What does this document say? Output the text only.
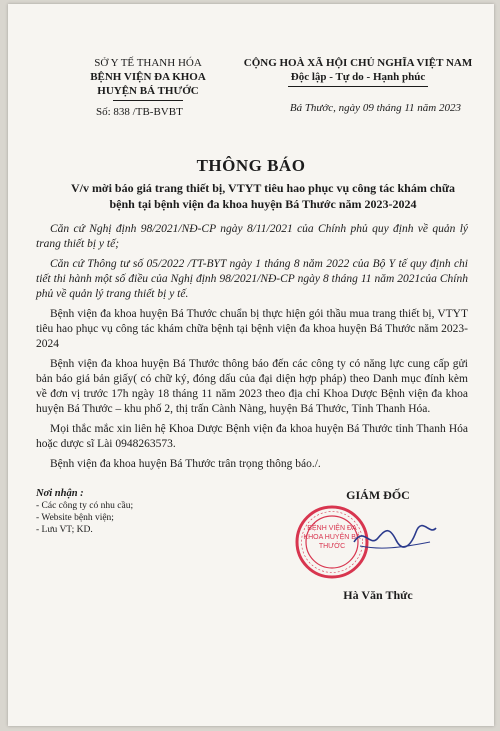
SỞ Y TẾ THANH HÓA
BỆNH VIỆN ĐA KHOA
HUYỆN BÁ THƯỚC
Số: 838 /TB-BVBT
CỘNG HOÀ XÃ HỘI CHỦ NGHĨA VIỆT NAM
Độc lập - Tự do - Hạnh phúc
Bá Thước, ngày 09 tháng 11 năm 2023
THÔNG BÁO
V/v mời báo giá trang thiết bị, VTYT tiêu hao phục vụ công tác khám chữa
bệnh tại bệnh viện đa khoa huyện Bá Thước năm 2023-2024

Căn cứ Nghị định 98/2021/NĐ-CP ngày 8/11/2021 của Chính phủ quy định về quản lý trang thiết bị y tế;

Căn cứ Thông tư số 05/2022 /TT-BYT ngày 1 tháng 8 năm 2022 của Bộ Y tế quy định chi tiết thi hành một số điều của Nghị định 98/2021/NĐ-CP ngày 8 tháng 11 năm 2021của Chính phủ về quản lý trang thiết bị y tế.

Bệnh viện đa khoa huyện Bá Thước chuẩn bị thực hiện gói thầu mua trang thiết bị, VTYT tiêu hao phục vụ công tác khám chữa bệnh tại bệnh viện đa khoa huyện Bá Thước năm 2023-2024

Bệnh viện đa khoa huyện Bá Thước thông báo đến các công ty có năng lực cung cấp gửi bản báo giá bản giấy( có chữ ký, đóng dấu của đại diện hợp pháp) theo Danh mục đính kèm về đơn vị trước 17h ngày 18 tháng 11 năm 2023 theo địa chỉ Khoa Dược Bệnh viện đa khoa huyện Bá Thước – khu phố 2, thị trấn Cành Nàng, huyện Bá Thước, Tỉnh Thanh Hóa.

Mọi thắc mắc xin liên hệ Khoa Dược Bệnh viện đa khoa huyện Bá Thước tỉnh Thanh Hóa hoặc dược sĩ Lài 0948263573.

Bệnh viện đa khoa huyện Bá Thước trân trọng thông báo./.

Nơi nhận :
- Các công ty có nhu cầu;
- Website bệnh viện;
- Lưu VT; KD.
GIÁM ĐỐC
BỆNH VIỆN ĐA KHOA HUYỆN BÁ THƯỚC
Hà Văn Thức
